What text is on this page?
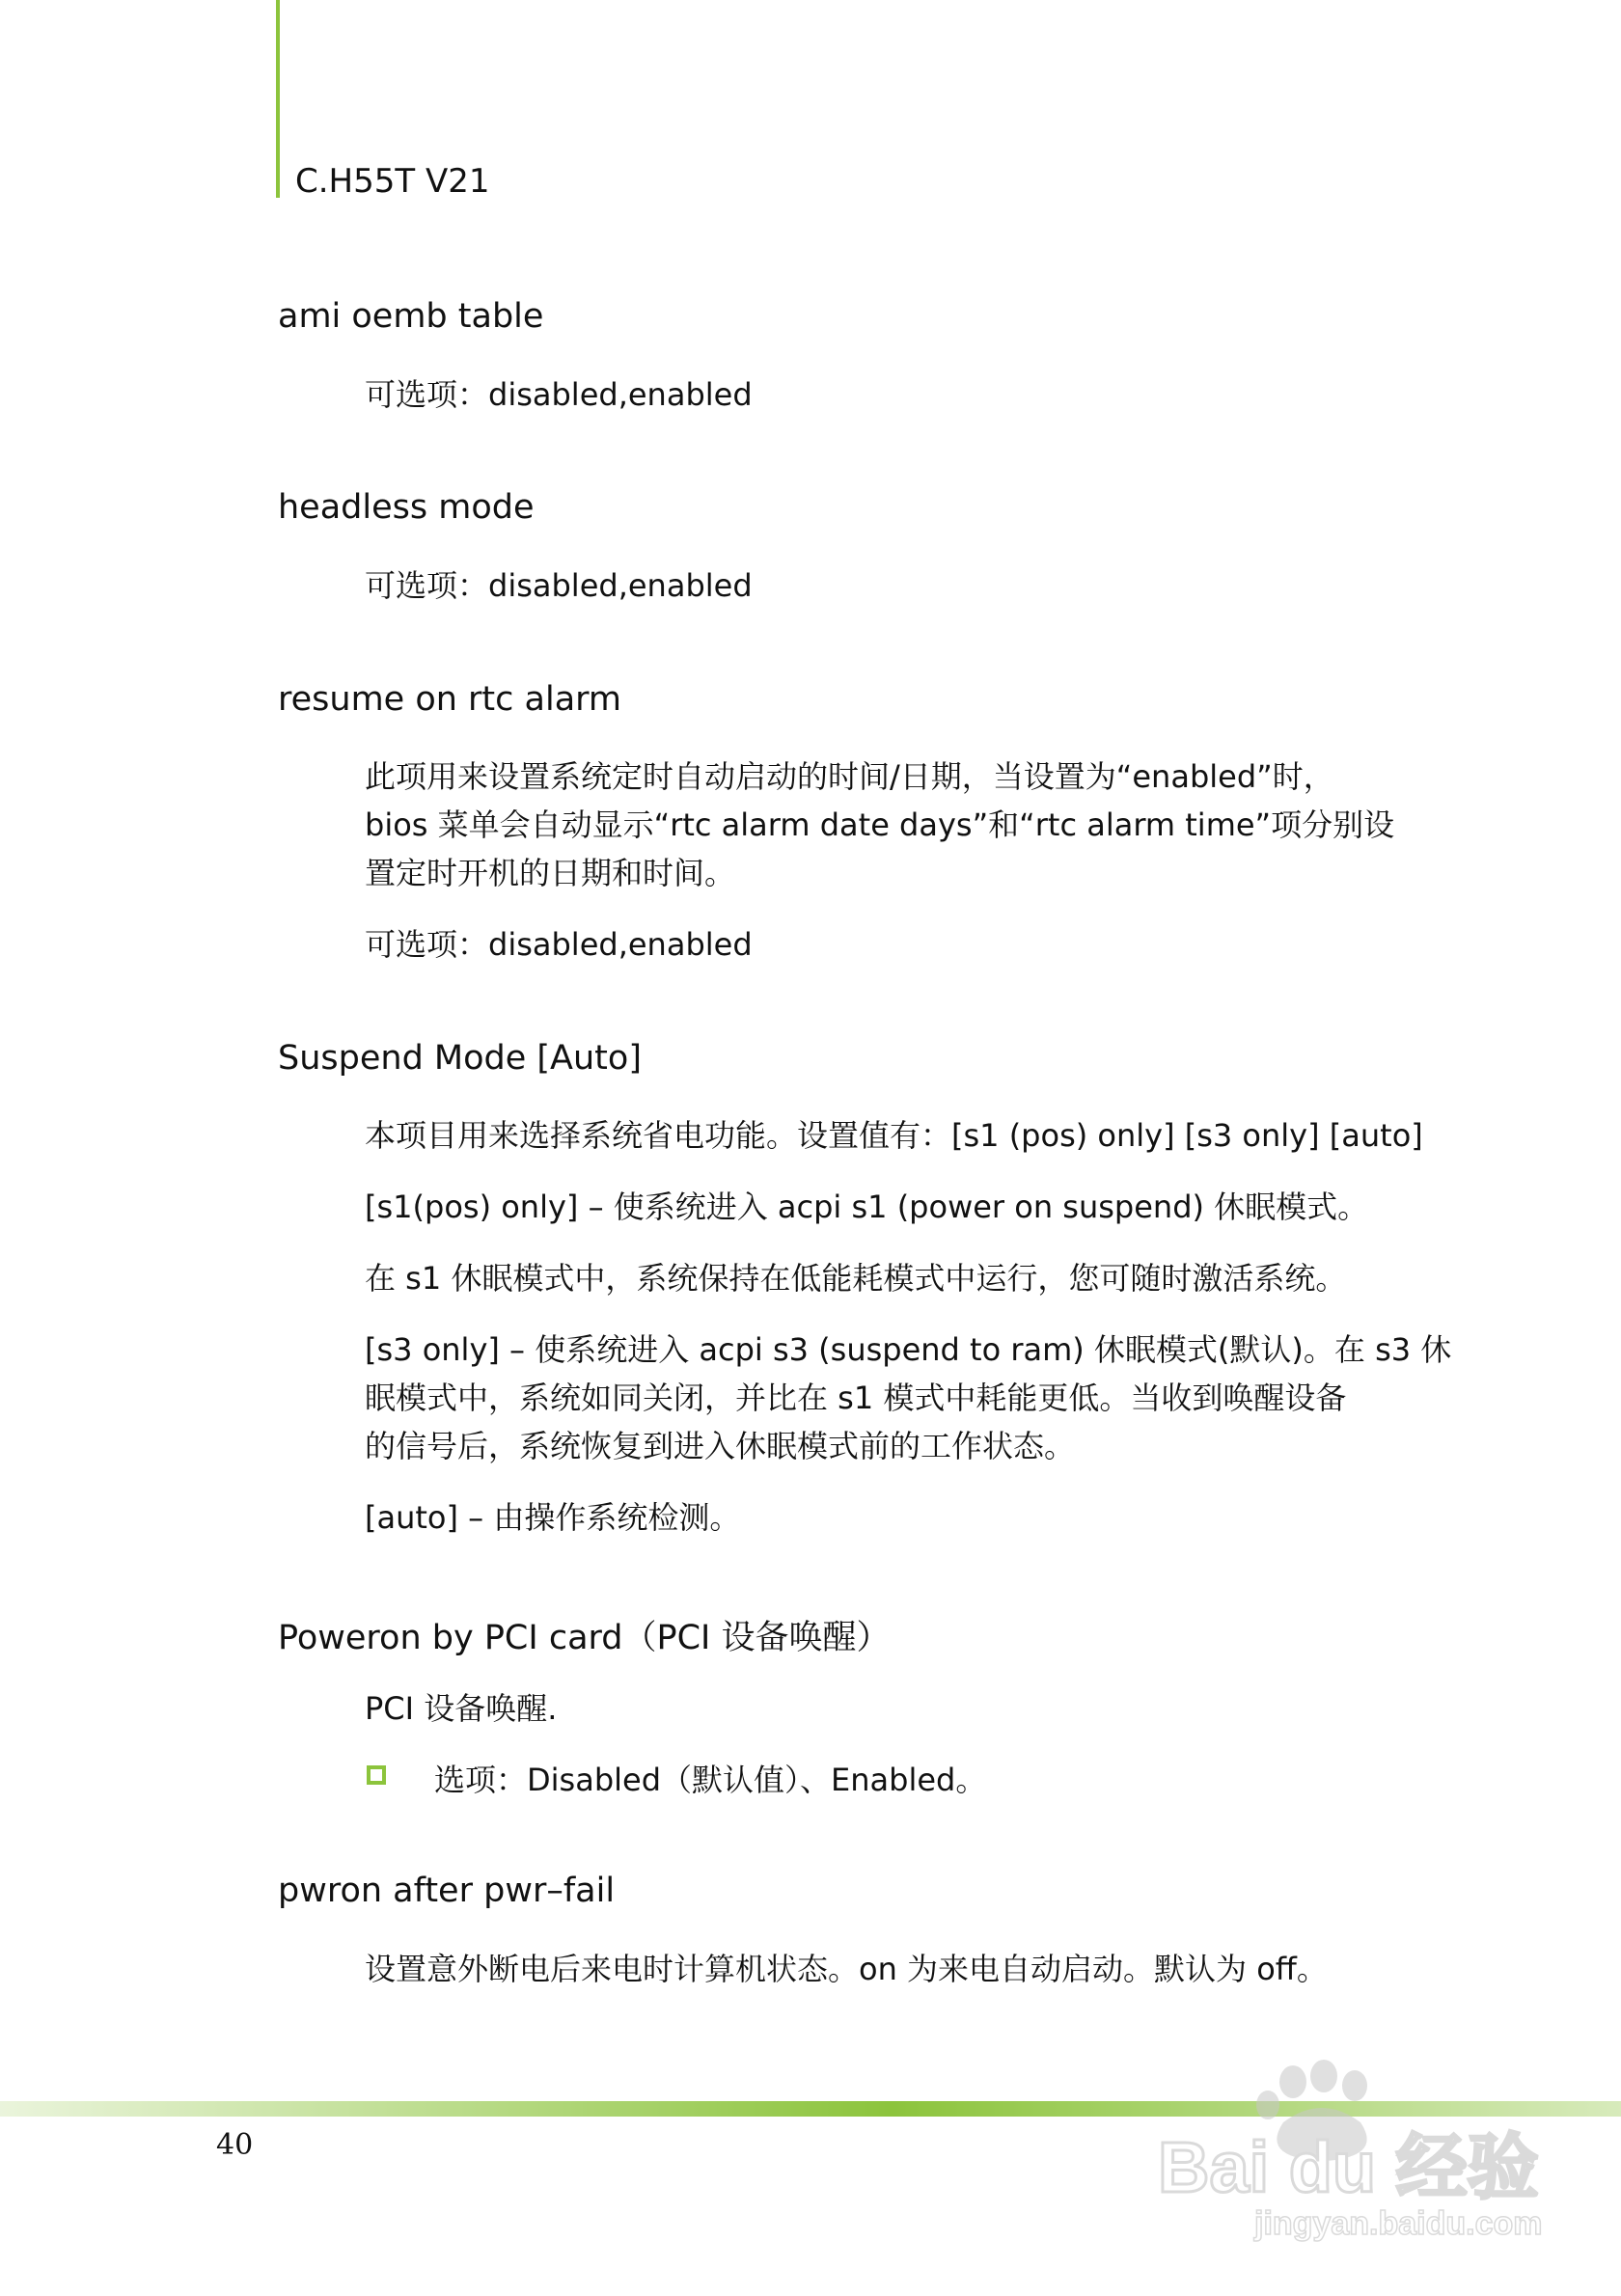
C.H55T V21
ami oemb table
可选项：disabled,enabled
headless mode
可选项：disabled,enabled
resume on rtc alarm
此项用来设置系统定时自动启动的时间/日期，当设置为“enabled”时，
bios 菜单会自动显示“rtc alarm date days”和“rtc alarm time”项分别设
置定时开机的日期和时间。
可选项：disabled,enabled
Suspend Mode [Auto]
本项目用来选择系统省电功能。设置值有：[s1 (pos) only] [s3 only] [auto]
[s1(pos) only] – 使系统进入 acpi s1 (power on suspend) 休眠模式。
在 s1 休眠模式中，系统保持在低能耗模式中运行，您可随时激活系统。
[s3 only] – 使系统进入 acpi s3 (suspend to ram) 休眠模式(默认)。在 s3 休
眠模式中，系统如同关闭，并比在 s1 模式中耗能更低。当收到唤醒设备
的信号后，系统恢复到进入休眠模式前的工作状态。
[auto] – 由操作系统检测。
Poweron by PCI card（PCI 设备唤醒）
PCI 设备唤醒.
选项：Disabled（默认值）、Enabled。
pwron after pwr–fail
设置意外断电后来电时计算机状态。on 为来电自动启动。默认为 off。
40	Bai du 经验
jingyan.baidu.com
